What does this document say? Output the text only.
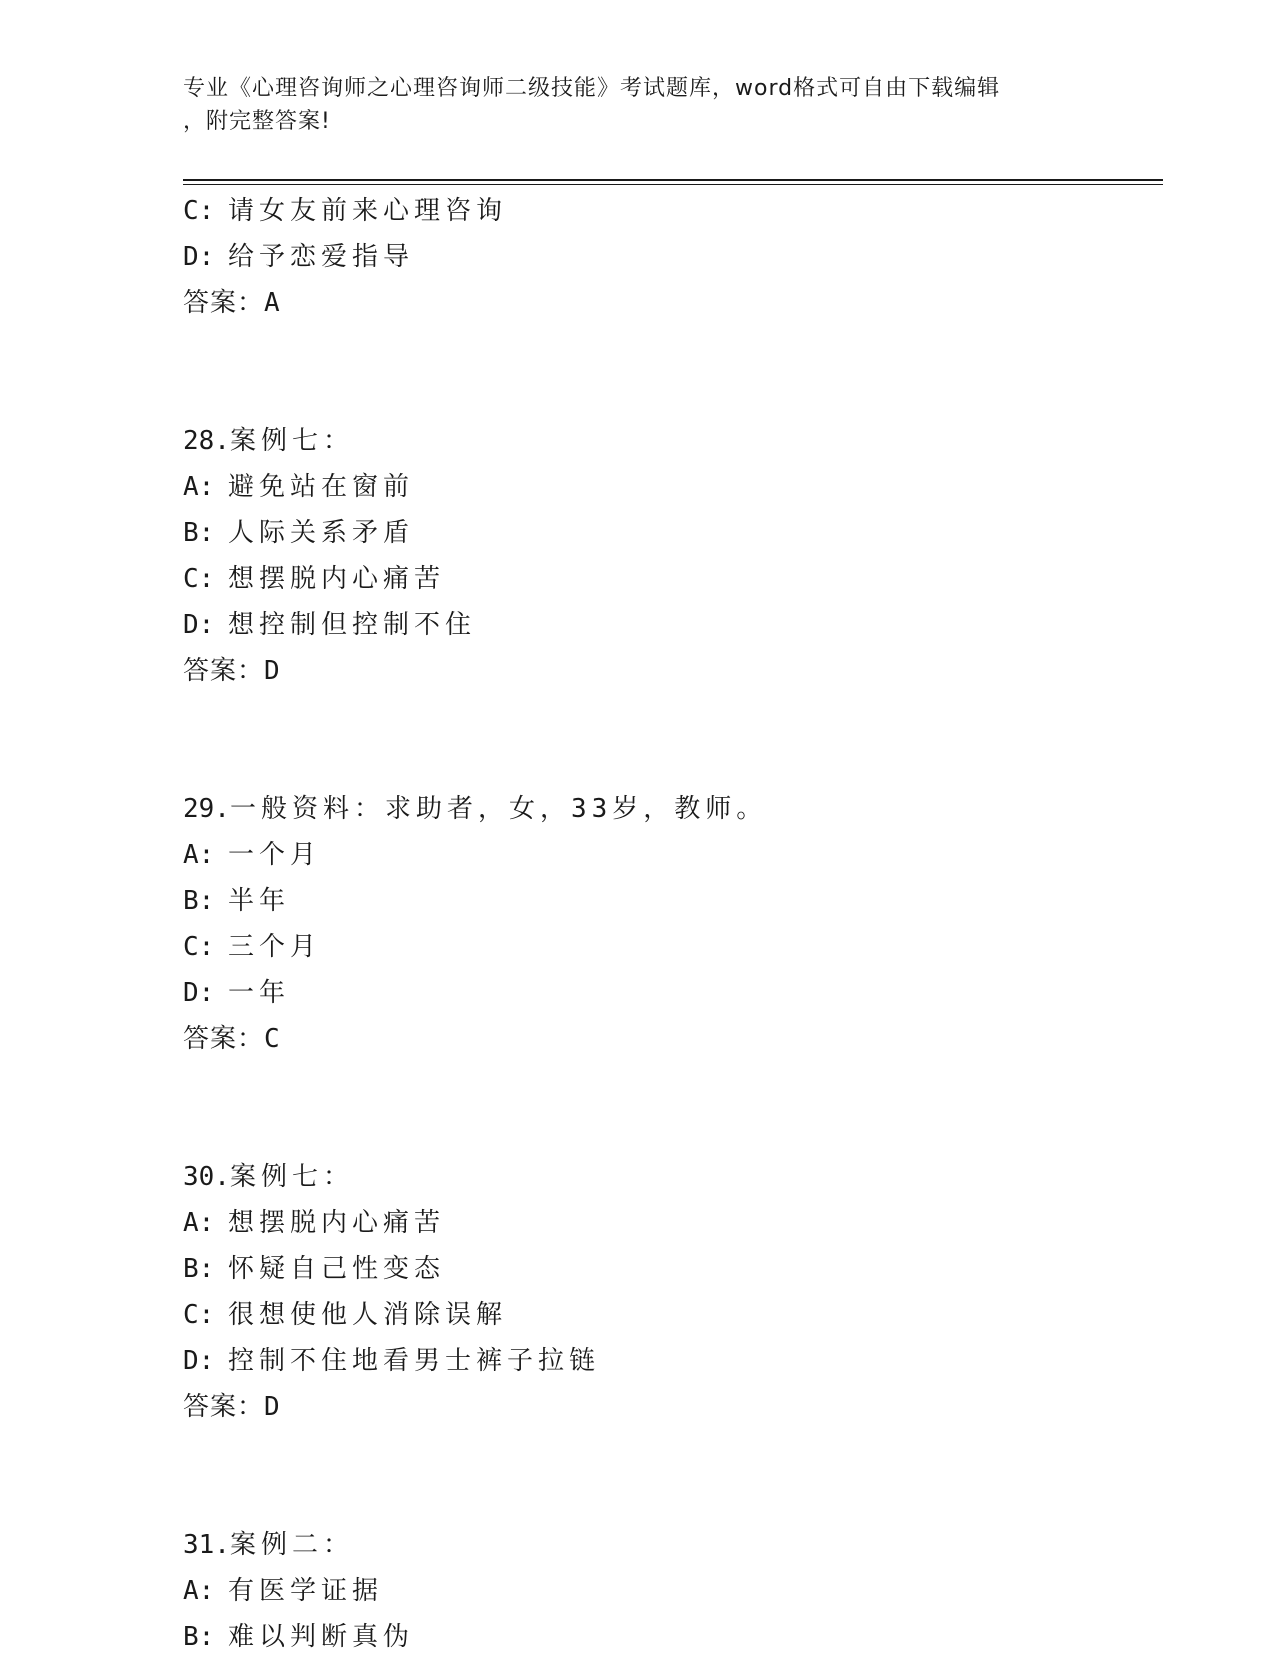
专业《心理咨询师之心理咨询师二级技能》考试题库，word格式可自由下载编辑
，附完整答案!
C: 请女友前来心理咨询
D: 给予恋爱指导
答案：A
28.案例七：
A: 避免站在窗前
B: 人际关系矛盾
C: 想摆脱内心痛苦
D: 想控制但控制不住
答案：D
29.一般资料：求助者，女，33岁，教师。
A: 一个月
B: 半年
C: 三个月
D: 一年
答案：C
30.案例七：
A: 想摆脱内心痛苦
B: 怀疑自己性变态
C: 很想使他人消除误解
D: 控制不住地看男士裤子拉链
答案：D
31.案例二：
A: 有医学证据
B: 难以判断真伪
